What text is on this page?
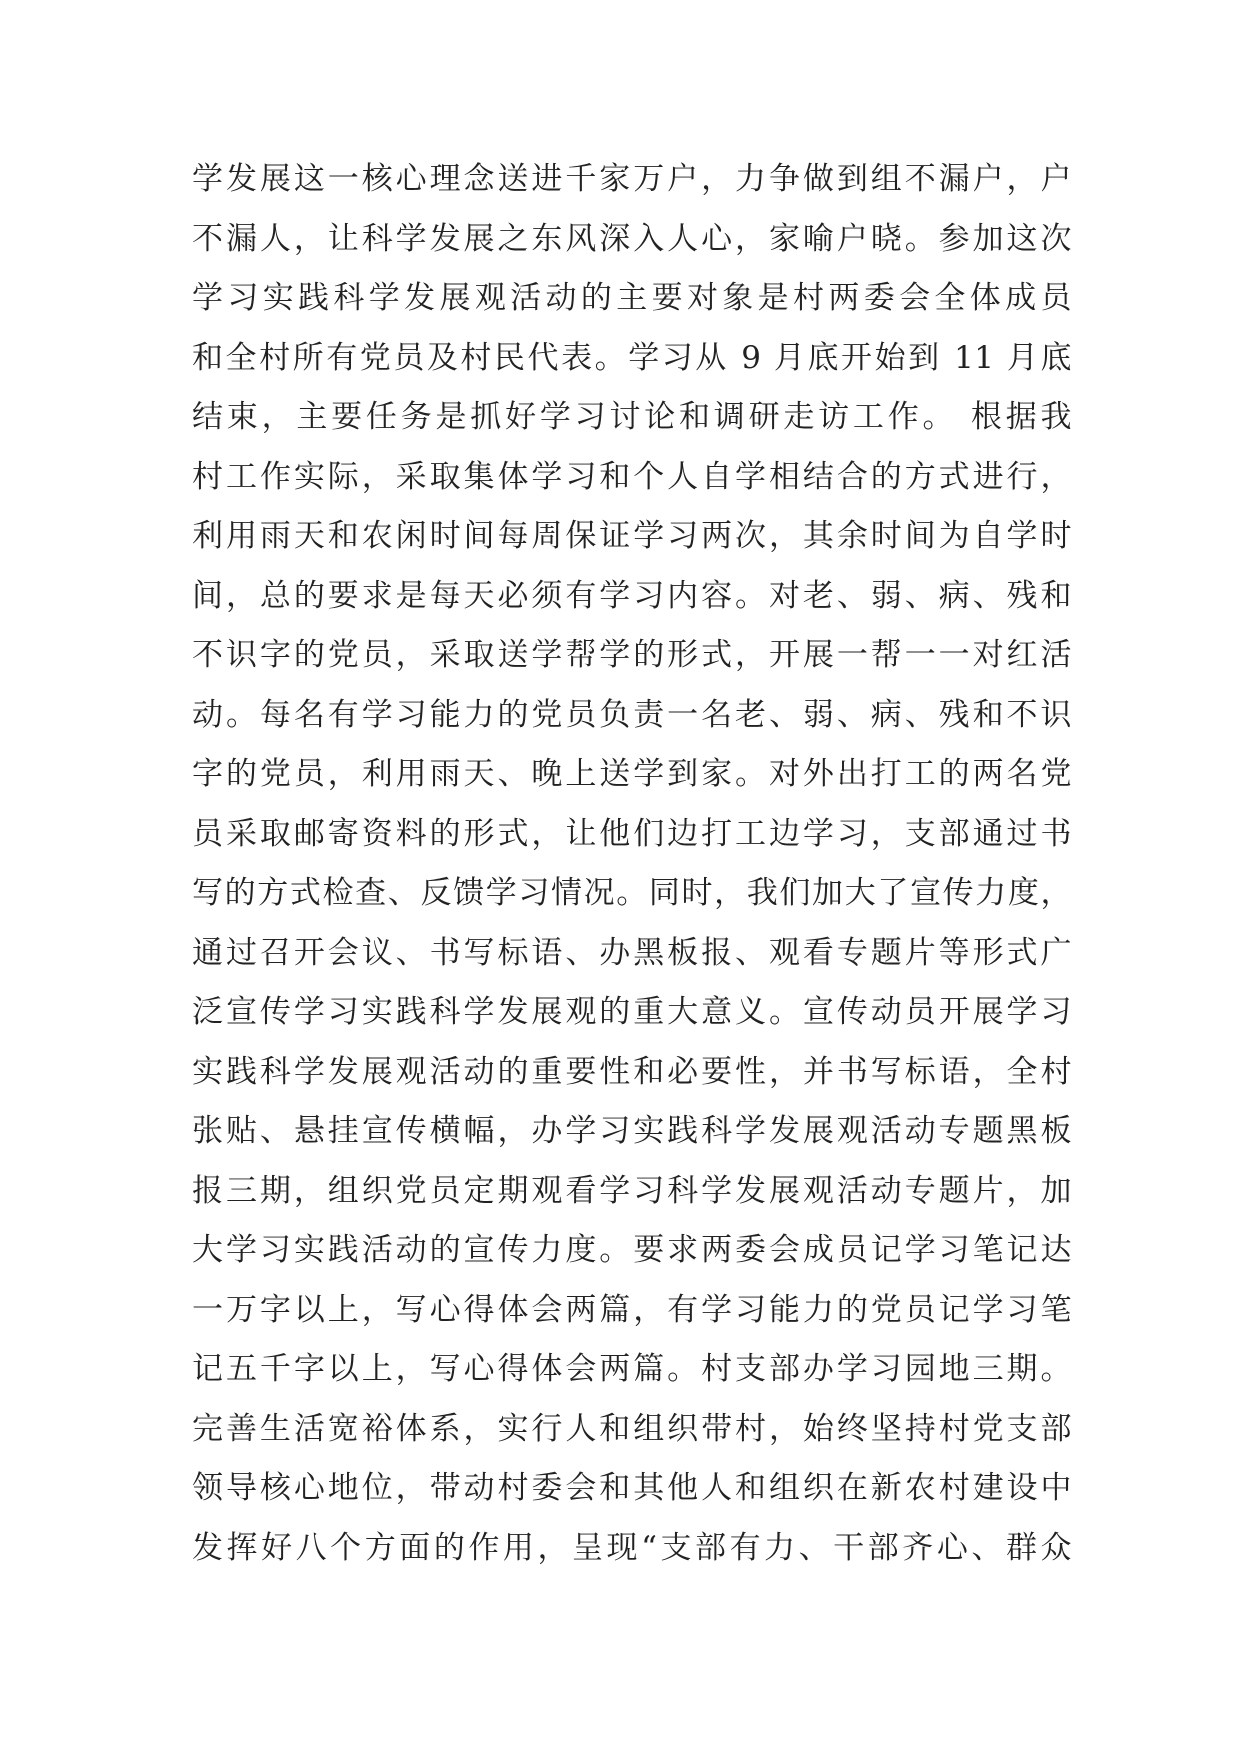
学发展这一核心理念送进千家万户，力争做到组不漏户，户
不漏人，让科学发展之东风深入人心，家喻户晓。参加这次
学习实践科学发展观活动的主要对象是村两委会全体成员
和全村所有党员及村民代表。学习从 9 月底开始到 11 月底
结束，主要任务是抓好学习讨论和调研走访工作。 根据我
村工作实际，采取集体学习和个人自学相结合的方式进行，
利用雨天和农闲时间每周保证学习两次，其余时间为自学时
间，总的要求是每天必须有学习内容。对老、弱、病、残和
不识字的党员，采取送学帮学的形式，开展一帮一一对红活
动。每名有学习能力的党员负责一名老、弱、病、残和不识
字的党员，利用雨天、晚上送学到家。对外出打工的两名党
员采取邮寄资料的形式，让他们边打工边学习，支部通过书
写的方式检查、反馈学习情况。同时，我们加大了宣传力度，
通过召开会议、书写标语、办黑板报、观看专题片等形式广
泛宣传学习实践科学发展观的重大意义。宣传动员开展学习
实践科学发展观活动的重要性和必要性，并书写标语，全村
张贴、悬挂宣传横幅，办学习实践科学发展观活动专题黑板
报三期，组织党员定期观看学习科学发展观活动专题片，加
大学习实践活动的宣传力度。要求两委会成员记学习笔记达
一万字以上，写心得体会两篇，有学习能力的党员记学习笔
记五千字以上，写心得体会两篇。村支部办学习园地三期。
完善生活宽裕体系，实行人和组织带村，始终坚持村党支部
领导核心地位，带动村委会和其他人和组织在新农村建设中
发挥好八个方面的作用，呈现“支部有力、干部齐心、群众
